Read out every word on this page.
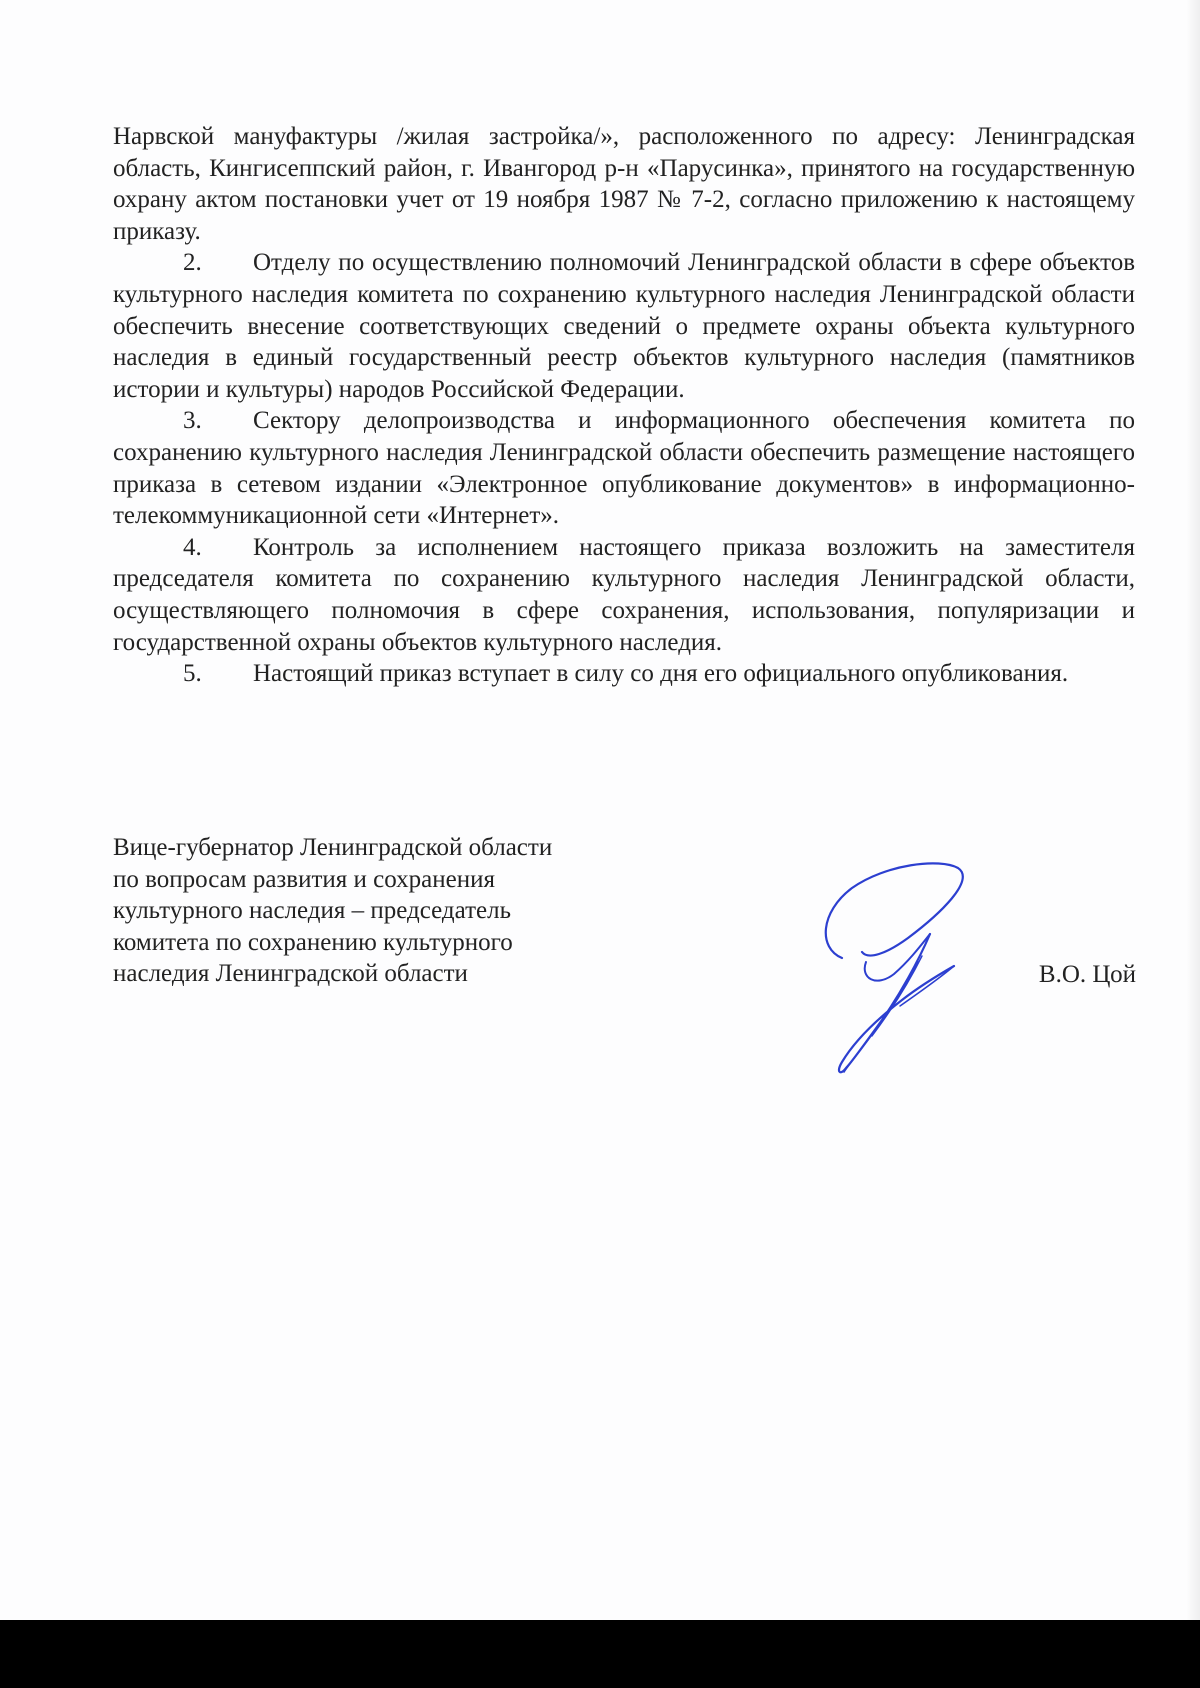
Нарвской мануфактуры /жилая застройка/», расположенного по адресу: Ленинградская область, Кингисеппский район, г. Ивангород р-н «Парусинка», принятого на государственную охрану актом постановки учет от 19 ноября 1987 № 7-2, согласно приложению к настоящему приказу.

2. Отделу по осуществлению полномочий Ленинградской области в сфере объектов культурного наследия комитета по сохранению культурного наследия Ленинградской области обеспечить внесение соответствующих сведений о предмете охраны объекта культурного наследия в единый государственный реестр объектов культурного наследия (памятников истории и культуры) народов Российской Федерации.

3. Сектору делопроизводства и информационного обеспечения комитета по сохранению культурного наследия Ленинградской области обеспечить размещение настоящего приказа в сетевом издании «Электронное опубликование документов» в информационно-телекоммуникационной сети «Интернет».

4. Контроль за исполнением настоящего приказа возложить на заместителя председателя комитета по сохранению культурного наследия Ленинградской области, осуществляющего полномочия в сфере сохранения, использования, популяризации и государственной охраны объектов культурного наследия.

5. Настоящий приказ вступает в силу со дня его официального опубликования.

Вице-губернатор Ленинградской области
по вопросам развития и сохранения
культурного наследия – председатель
комитета по сохранению культурного
наследия Ленинградской области	В.О. Цой
